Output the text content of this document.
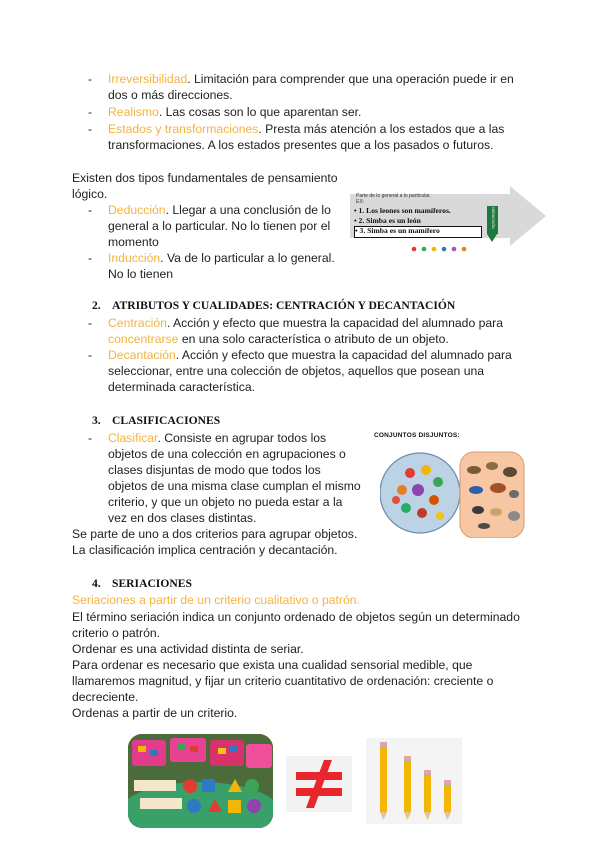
- Irreversibilidad. Limitación para comprender que una operación puede ir en
dos o más direcciones.
- Realismo. Las cosas son lo que aparentan ser.
- Estados y transformaciones. Presta más atención a los estados que a las
transformaciones. A los estados presentes que a los pasados o futuros.
Existen dos tipos fundamentales de pensamiento
lógico.
- Deducción. Llegar a una conclusión de lo
general a lo particular. No lo tienen por el
momento
- Inducción. Va de lo particular a lo general.
No lo tienen
Parte de lo general a lo particular.
EX:
• 1. Los leones son mamíferos.
• 2. Simba es un león
• 3. Simba es un mamífero
DEDUCCIÓN
2. ATRIBUTOS Y CUALIDADES: CENTRACIÓN Y DECANTACIÓN
- Centración. Acción y efecto que muestra la capacidad del alumnado para
concentrarse en una solo característica o atributo de un objeto.
- Decantación. Acción y efecto que muestra la capacidad del alumnado para
seleccionar, entre una colección de objetos, aquellos que posean una
determinada característica.
3. CLASIFICACIONES
- Clasificar. Consiste en agrupar todos los
objetos de una colección en agrupaciones o
clases disjuntas de modo que todos los
objetos de una misma clase cumplan el mismo
criterio, y que un objeto no pueda estar a la
vez en dos clases distintas.
Se parte de uno a dos criterios para agrupar objetos.
La clasificación implica centración y decantación.
CONJUNTOS DISJUNTOS:
4. SERIACIONES
Seriaciones a partir de un criterio cualitativo o patrón.
El término seriación indica un conjunto ordenado de objetos según un determinado
criterio o patrón.
Ordenar es una actividad distinta de seriar.
Para ordenar es necesario que exista una cualidad sensorial medible, que
llamaremos magnitud, y fijar un criterio cuantitativo de ordenación: creciente o
decreciente.
Ordenas a partir de un criterio.
